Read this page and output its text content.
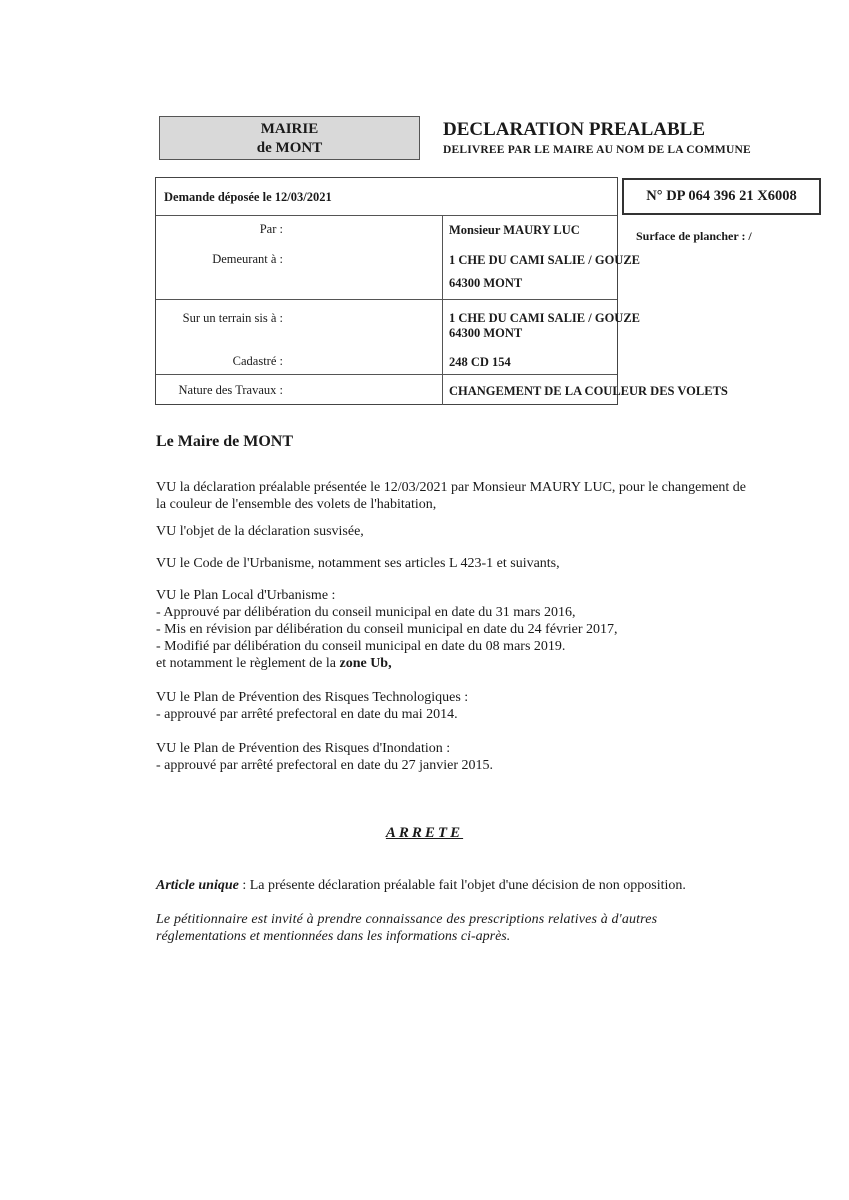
MAIRIE
de MONT
DECLARATION PREALABLE
DELIVREE PAR LE MAIRE AU NOM DE LA COMMUNE
Demande déposée le 12/03/2021
Par :	Monsieur MAURY LUC
Demeurant à :	1 CHE DU CAMI SALIE / GOUZE
64300 MONT
Sur un terrain sis à :	1 CHE DU CAMI SALIE / GOUZE
64300 MONT
Cadastré :	248 CD 154
Nature des Travaux :	CHANGEMENT DE LA COULEUR DES VOLETS
N° DP 064 396 21 X6008
Surface de plancher : /
Le Maire de MONT
VU la déclaration préalable présentée le 12/03/2021 par Monsieur MAURY LUC, pour le changement de
la couleur de l'ensemble des volets de l'habitation,
VU l'objet de la déclaration susvisée,
VU le Code de l'Urbanisme, notamment ses articles L 423-1 et suivants,
VU le Plan Local d'Urbanisme :
- Approuvé par délibération du conseil municipal en date du 31 mars 2016,
- Mis en révision par délibération du conseil municipal en date du 24 février 2017,
- Modifié par délibération du conseil municipal en date du 08 mars 2019.
et notamment le règlement de la zone Ub,
VU le Plan de Prévention des Risques Technologiques :
- approuvé par arrêté prefectoral en date du mai 2014.
VU le Plan de Prévention des Risques d'Inondation :
- approuvé par arrêté prefectoral en date du 27 janvier 2015.
ARRETE
Article unique : La présente déclaration préalable fait l'objet d'une décision de non opposition.
Le pétitionnaire est invité à prendre connaissance des prescriptions relatives à d'autres
réglementations et mentionnées dans les informations ci-après.
